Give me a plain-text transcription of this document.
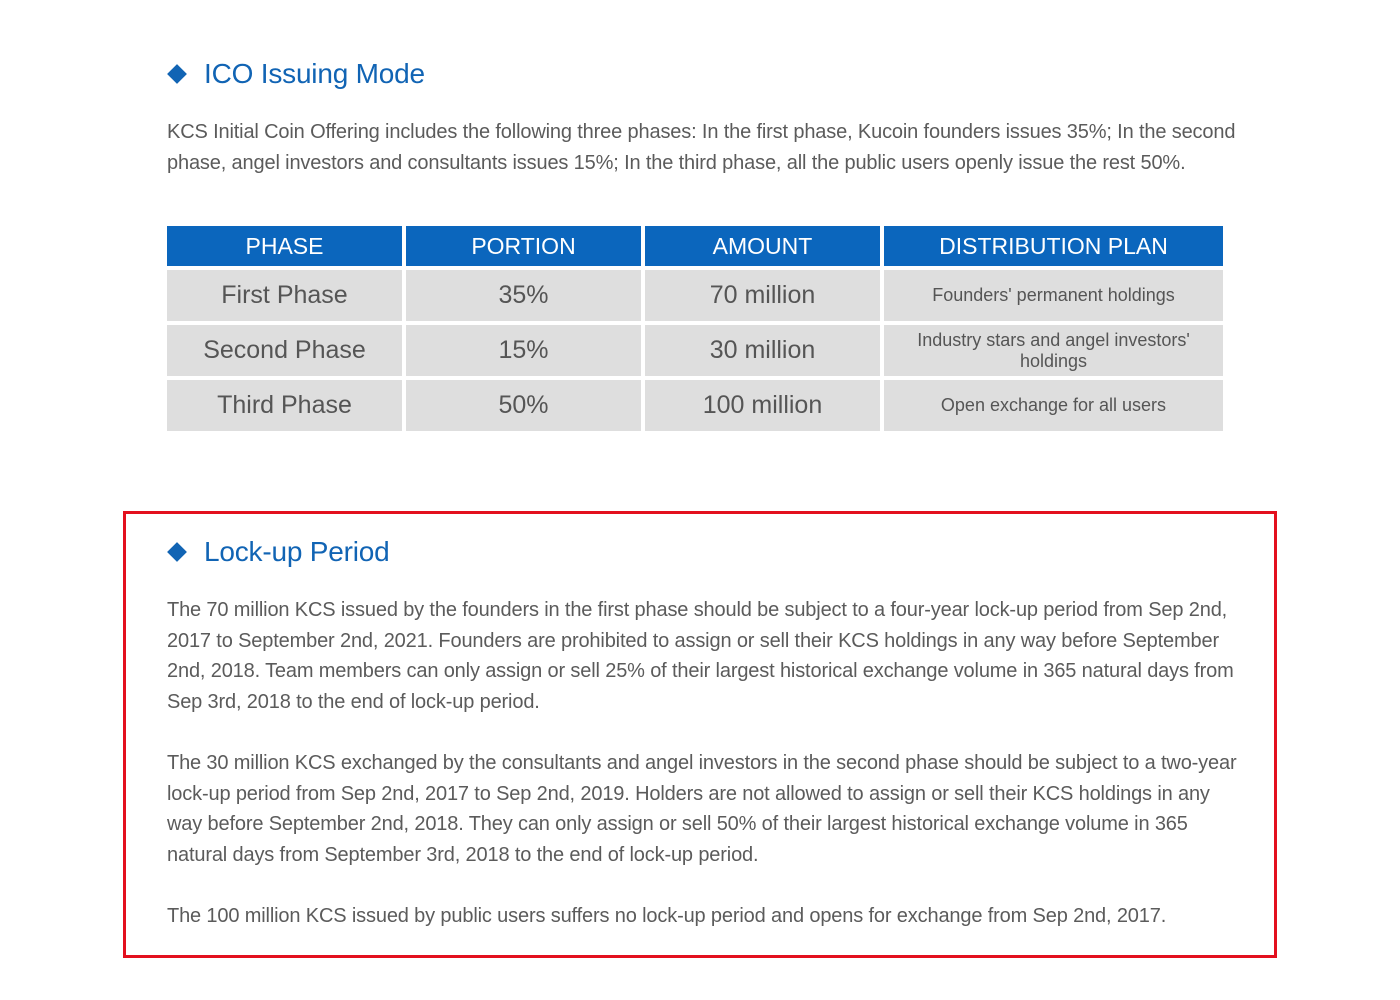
ICO Issuing Mode

KCS Initial Coin Offering includes the following three phases: In the first phase, Kucoin founders issues 35%; In the second phase, angel investors and consultants issues 15%; In the third phase, all the public users openly issue the rest 50%.

PHASE	PORTION	AMOUNT	DISTRIBUTION PLAN
First Phase	35%	70 million	Founders' permanent holdings
Second Phase	15%	30 million	Industry stars and angel investors' holdings
Third Phase	50%	100 million	Open exchange for all users
Lock-up Period

The 70 million KCS issued by the founders in the first phase should be subject to a four-year lock-up period from Sep 2nd, 2017 to September 2nd, 2021. Founders are prohibited to assign or sell their KCS holdings in any way before September 2nd, 2018. Team members can only assign or sell 25% of their largest historical exchange volume in 365 natural days from Sep 3rd, 2018 to the end of lock-up period.

The 30 million KCS exchanged by the consultants and angel investors in the second phase should be subject to a two-year lock-up period from Sep 2nd, 2017 to Sep 2nd, 2019. Holders are not allowed to assign or sell their KCS holdings in any way before September 2nd, 2018. They can only assign or sell 50% of their largest historical exchange volume in 365 natural days from September 3rd, 2018 to the end of lock-up period.

The 100 million KCS issued by public users suffers no lock-up period and opens for exchange from Sep 2nd, 2017.
